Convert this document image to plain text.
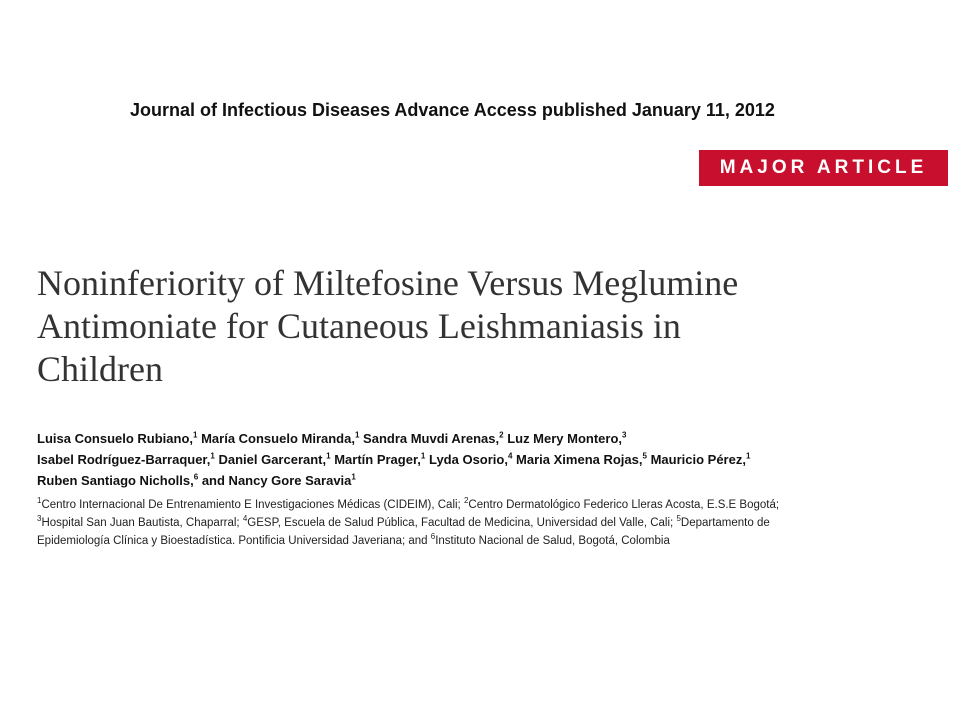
Journal of Infectious Diseases Advance Access published January 11, 2012
MAJOR ARTICLE
Noninferiority of Miltefosine Versus Meglumine
Antimoniate for Cutaneous Leishmaniasis in
Children
Luisa Consuelo Rubiano,$^1$ María Consuelo Miranda,$^1$ Sandra Muvdi Arenas,$^2$ Luz Mery Montero,$^3$
Isabel Rodríguez-Barraquer,$^1$ Daniel Garcerant,$^1$ Martín Prager,$^1$ Lyda Osorio,$^4$ Maria Ximena Rojas,$^5$ Mauricio Pérez,$^1$
Ruben Santiago Nicholls,$^6$ and Nancy Gore Saravia$^1$
$^1$Centro Internacional De Entrenamiento E Investigaciones Médicas (CIDEIM), Cali; $^2$Centro Dermatológico Federico Lleras Acosta, E.S.E Bogotá;
$^3$Hospital San Juan Bautista, Chaparral; $^4$GESP, Escuela de Salud Pública, Facultad de Medicina, Universidad del Valle, Cali; $^5$Departamento de
Epidemiología Clínica y Bioestadística. Pontificia Universidad Javeriana; and $^6$Instituto Nacional de Salud, Bogotá, Colombia
